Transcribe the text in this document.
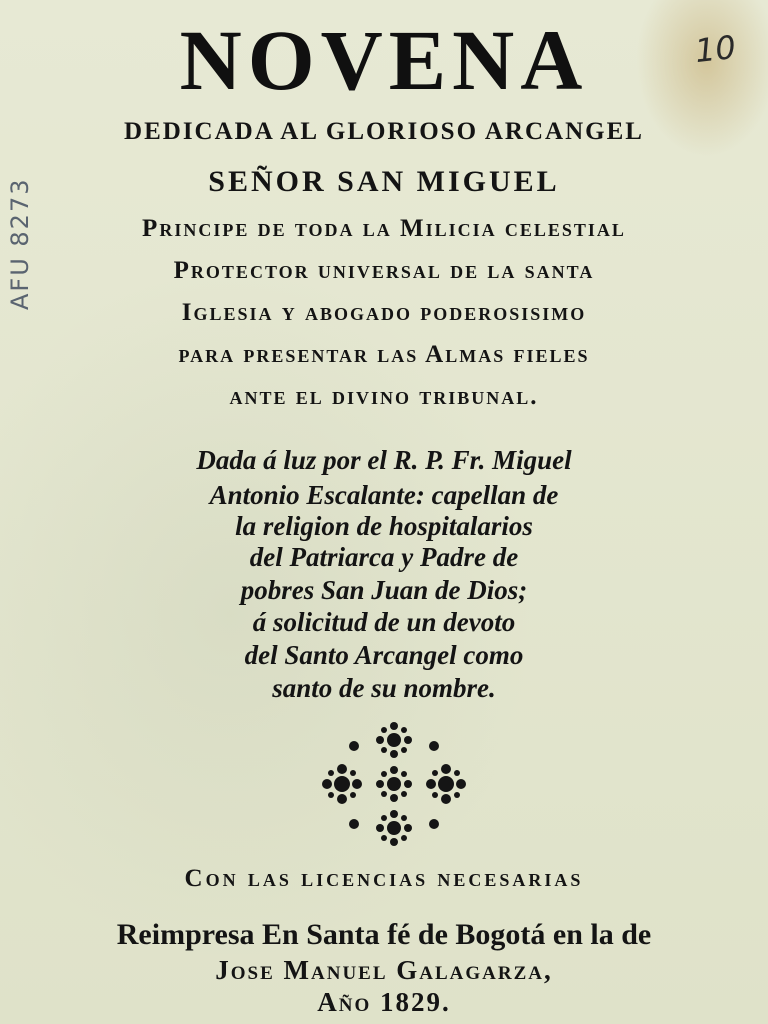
10
AFU 8273
NOVENA
DEDICADA AL GLORIOSO ARCANGEL
SEÑOR SAN MIGUEL
Principe de toda la Milicia celestial
Protector universal de la santa
Iglesia y abogado poderosisimo
para presentar las Almas fieles
ante el divino tribunal.
Dada á luz por el R. P. Fr. Miguel
Antonio Escalante: capellan de
la religion de hospitalarios
del Patriarca y Padre de
pobres San Juan de Dios;
á solicitud de un devoto
del Santo Arcangel como
santo de su nombre.
Con las licencias necesarias
Reimpresa En Santa fé de Bogotá en la de
Jose Manuel Galagarza,
Año 1829.
